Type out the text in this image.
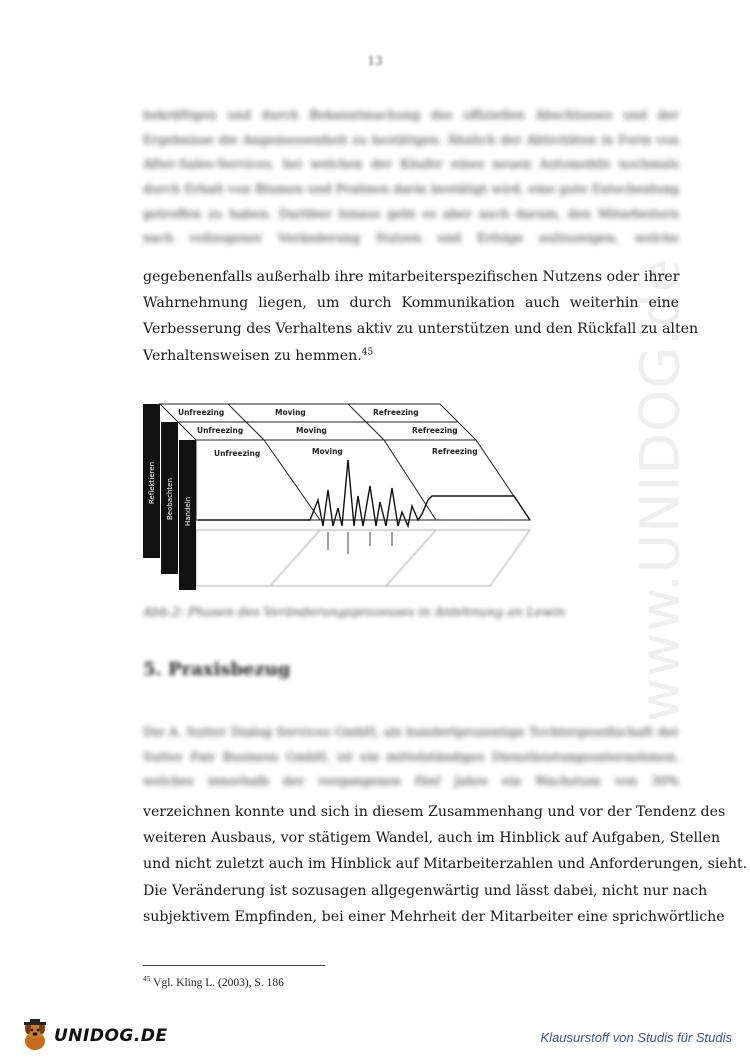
13
www.UNIDOG.de
bekräftigen und durch Bekanntmachung des offiziellen Abschlusses und der
Ergebnisse die Angemessenheit zu bestätigen. Ähnlich der Aktivitäten in Form von
After-Sales-Services, bei welchen der Käufer eines neuen Automobils nochmals
durch Erhalt von Blumen und Pralinen darin bestätigt wird, eine gute Entscheidung
getroffen zu haben. Darüber hinaus geht es aber auch darum, den Mitarbeitern
nach vollzogener Veränderung Nutzen und Erfolge aufzuzeigen, welche
gegebenenfalls außerhalb ihre mitarbeiterspezifischen Nutzens oder ihrer
Wahrnehmung liegen, um durch Kommunikation auch weiterhin eine
Verbesserung des Verhaltens aktiv zu unterstützen und den Rückfall zu alten
Verhaltensweisen zu hemmen.$^{45}$
Unfreezing	Moving	Refreezing
Unfreezing	Moving	Refreezing
Unfreezing	Moving	Refreezing
Reflektieren Beobachten Handeln
Abb.2: Phasen des Veränderungsprozesses in Anlehnung an Lewin
5. Praxisbezug
Die A. Sutter Dialog Services GmbH, als hundertprozentige Tochtergesellschaft der
Sutter Fair Business GmbH, ist ein mittelständiges Dienstleistungsunternehmen,
welches innerhalb der vergangenen fünf Jahre ein Wachstum von 30%
verzeichnen konnte und sich in diesem Zusammenhang und vor der Tendenz des
weiteren Ausbaus, vor stätigem Wandel, auch im Hinblick auf Aufgaben, Stellen
und nicht zuletzt auch im Hinblick auf Mitarbeiterzahlen und Anforderungen, sieht.
Die Veränderung ist sozusagen allgegenwärtig und lässt dabei, nicht nur nach
subjektivem Empfinden, bei einer Mehrheit der Mitarbeiter eine sprichwörtliche
$^{45}$ Vgl. Kling L. (2003), S. 186
UNIDOG.DE	Klausurstoff von Studis für Studis
